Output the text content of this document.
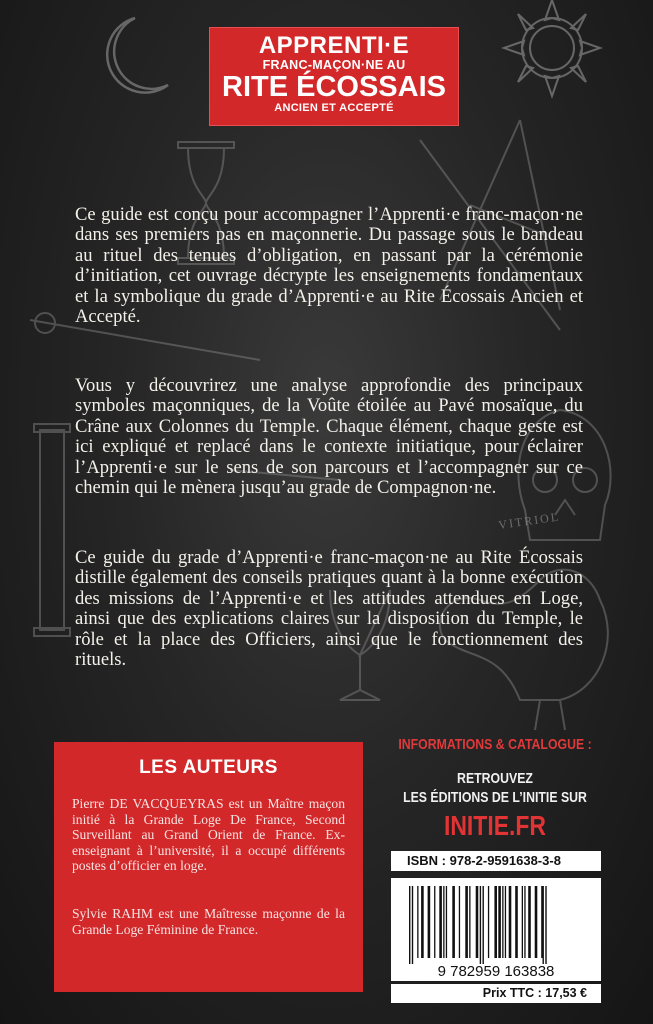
VITRIOL
APPRENTI·E
FRANC-MAÇON·NE AU
RITE ÉCOSSAIS
ANCIEN ET ACCEPTÉ

Ce guide est conçu pour accompagner l’Apprenti·e franc-maçon·ne dans ses premiers pas en maçonnerie. Du passage sous le bandeau au rituel des tenues d’obligation, en passant par la cérémonie d’initiation, cet ouvrage décrypte les enseignements fondamentaux et la symbolique du grade d’Apprenti·e au Rite Écossais Ancien et Accepté.

Vous y découvrirez une analyse approfondie des principaux symboles maçonniques, de la Voûte étoilée au Pavé mosaïque, du Crâne aux Colonnes du Temple. Chaque élément, chaque geste est ici expliqué et replacé dans le contexte initiatique, pour éclairer l’Apprenti·e sur le sens de son parcours et l’accompagner sur ce chemin qui le mènera jusqu’au grade de Compagnon·ne.

Ce guide du grade d’Apprenti·e franc-maçon·ne au Rite Écossais distille également des conseils pratiques quant à la bonne exécution des missions de l’Apprenti·e et les attitudes attendues en Loge, ainsi que des explications claires sur la disposition du Temple, le rôle et la place des Officiers, ainsi que le fonctionnement des rituels.

LES AUTEURS

Pierre DE VACQUEYRAS est un Maître maçon initié à la Grande Loge De France, Second Surveillant au Grand Orient de France. Ex-enseignant à l’université, il a occupé différents postes d’officier en loge.

Sylvie RAHM est une Maîtresse maçonne de la Grande Loge Féminine de France.

INFORMATIONS & CATALOGUE :
RETROUVEZ
LES ÉDITIONS DE L’INITIE SUR
INITIE.FR
ISBN : 978-2-9591638-3-8
9 782959 163838
Prix TTC : 17,53 €
